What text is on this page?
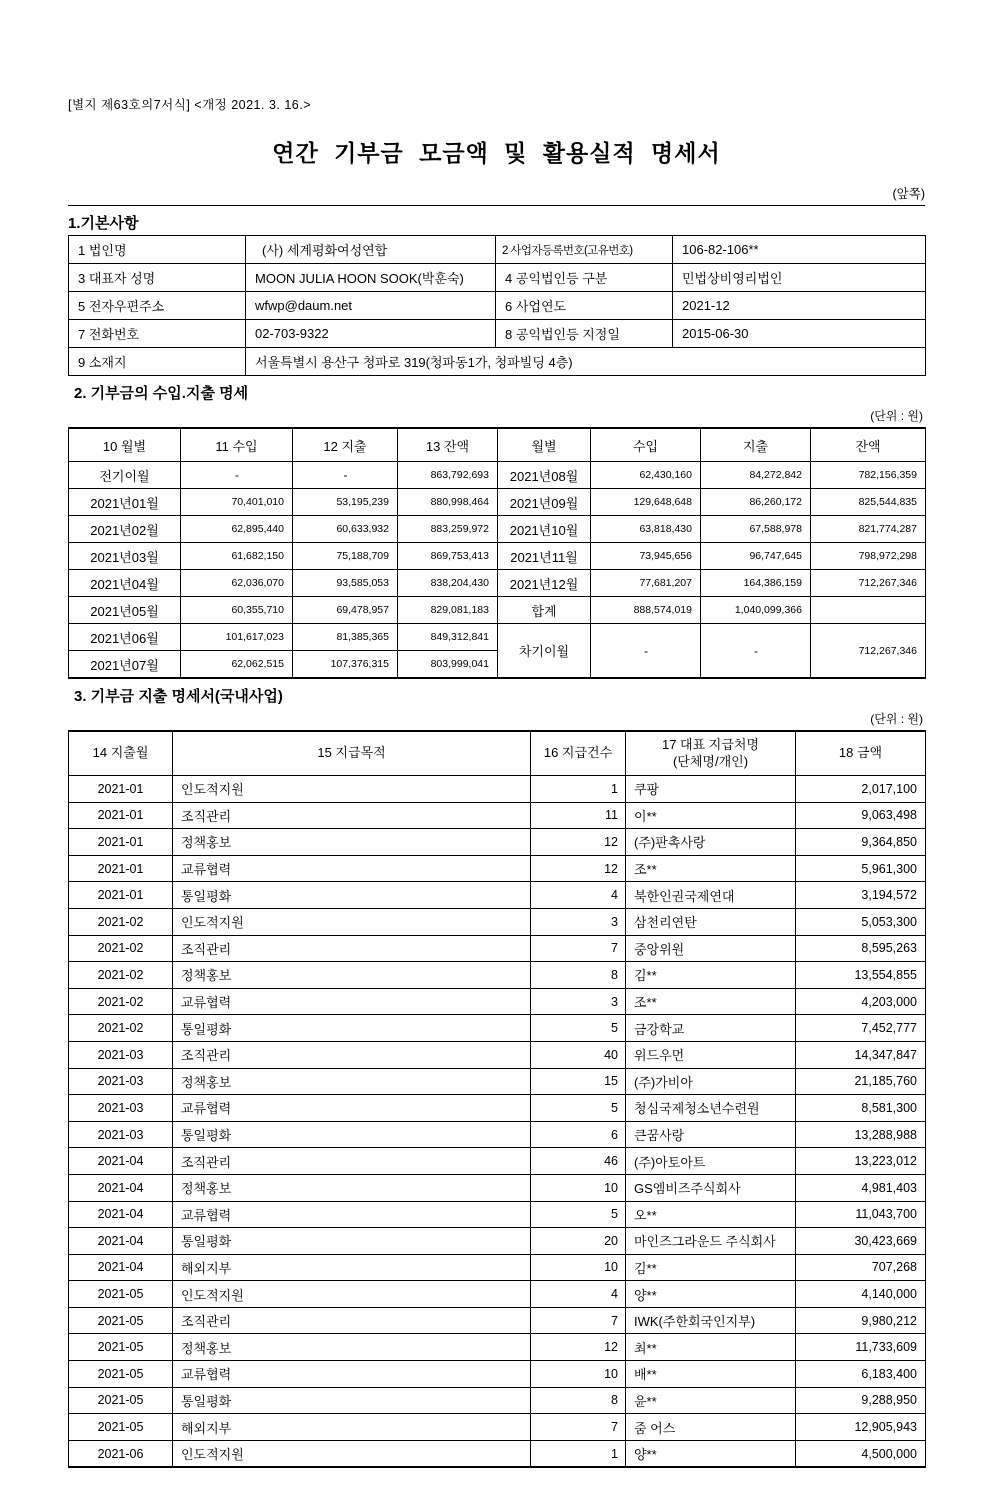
[별지 제63호의7서식] <개정 2021. 3. 16.>
연간 기부금 모금액 및 활용실적 명세서
(앞쪽)
1.기본사항
1 법인명	(사) 세계평화여성연합	2 사업자등록번호(고유번호)	106-82-106**
3 대표자 성명	MOON JULIA HOON SOOK(박훈숙)	4 공익법인등 구분	민법상비영리법인
5 전자우편주소	wfwp@daum.net	6 사업연도	2021-12
7 전화번호	02-703-9322	8 공익법인등 지정일	2015-06-30
9 소재지	서울특별시 용산구 청파로 319(청파동1가, 청파빌딩 4층)		
2. 기부금의 수입.지출 명세
(단위 : 원)
10 월별	11 수입	12 지출	13 잔액	월별	수입	지출	잔액
전기이월	-	-	863,792,693	2021년08월	62,430,160	84,272,842	782,156,359
2021년01월	70,401,010	53,195,239	880,998,464	2021년09월	129,648,648	86,260,172	825,544,835
2021년02월	62,895,440	60,633,932	883,259,972	2021년10월	63,818,430	67,588,978	821,774,287
2021년03월	61,682,150	75,188,709	869,753,413	2021년11월	73,945,656	96,747,645	798,972,298
2021년04월	62,036,070	93,585,053	838,204,430	2021년12월	77,681,207	164,386,159	712,267,346
2021년05월	60,355,710	69,478,957	829,081,183	합계	888,574,019	1,040,099,366	
2021년06월	101,617,023	81,385,365	849,312,841	차기이월	-	-	712,267,346
2021년07월	62,062,515	107,376,315	803,999,041				
3. 기부금 지출 명세서(국내사업)
(단위 : 원)
14 지출월	15 지급목적	16 지급건수	17 대표 지급처명
(단체명/개인)	18 금액
2021-01	인도적지원	1	쿠팡	2,017,100
2021-01	조직관리	11	이**	9,063,498
2021-01	정책홍보	12	(주)판촉사랑	9,364,850
2021-01	교류협력	12	조**	5,961,300
2021-01	통일평화	4	북한인권국제연대	3,194,572
2021-02	인도적지원	3	삼천리연탄	5,053,300
2021-02	조직관리	7	중앙위원	8,595,263
2021-02	정책홍보	8	김**	13,554,855
2021-02	교류협력	3	조**	4,203,000
2021-02	통일평화	5	금강학교	7,452,777
2021-03	조직관리	40	위드우먼	14,347,847
2021-03	정책홍보	15	(주)가비아	21,185,760
2021-03	교류협력	5	청심국제청소년수련원	8,581,300
2021-03	통일평화	6	큰꿈사랑	13,288,988
2021-04	조직관리	46	(주)아토아트	13,223,012
2021-04	정책홍보	10	GS엠비즈주식회사	4,981,403
2021-04	교류협력	5	오**	11,043,700
2021-04	통일평화	20	마인즈그라운드 주식회사	30,423,669
2021-04	해외지부	10	김**	707,268
2021-05	인도적지원	4	양**	4,140,000
2021-05	조직관리	7	IWK(주한회국인지부)	9,980,212
2021-05	정책홍보	12	최**	11,733,609
2021-05	교류협력	10	배**	6,183,400
2021-05	통일평화	8	윤**	9,288,950
2021-05	해외지부	7	줌 어스	12,905,943
2021-06	인도적지원	1	양**	4,500,000
